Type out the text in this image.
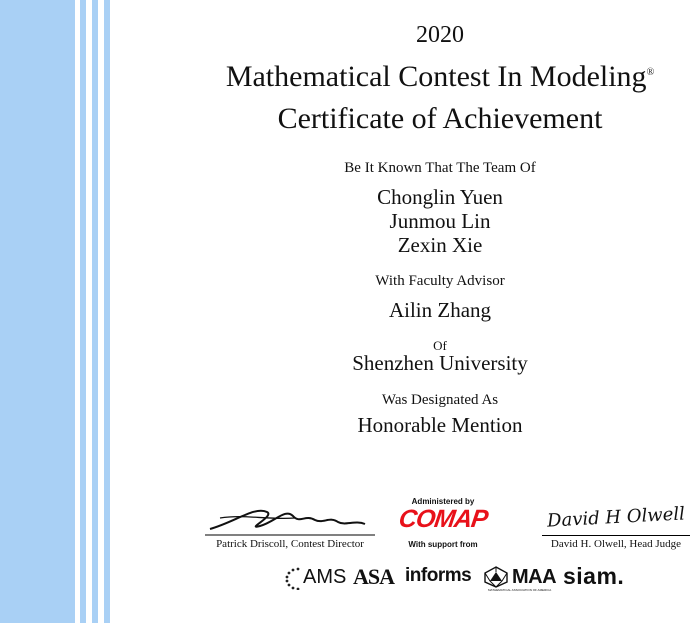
2020
Mathematical Contest In Modeling®
Certificate of Achievement
Be It Known That The Team Of
Chonglin Yuen
Junmou Lin
Zexin Xie
With Faculty Advisor
Ailin Zhang
Of
Shenzhen University
Was Designated As
Honorable Mention
Patrick Driscoll, Contest Director
David H Olwell
David H. Olwell, Head Judge
Administered by
COMAP
With support from
AMS ASA informs MAA
MATHEMATICAL ASSOCIATION OF AMERICA
siam.
